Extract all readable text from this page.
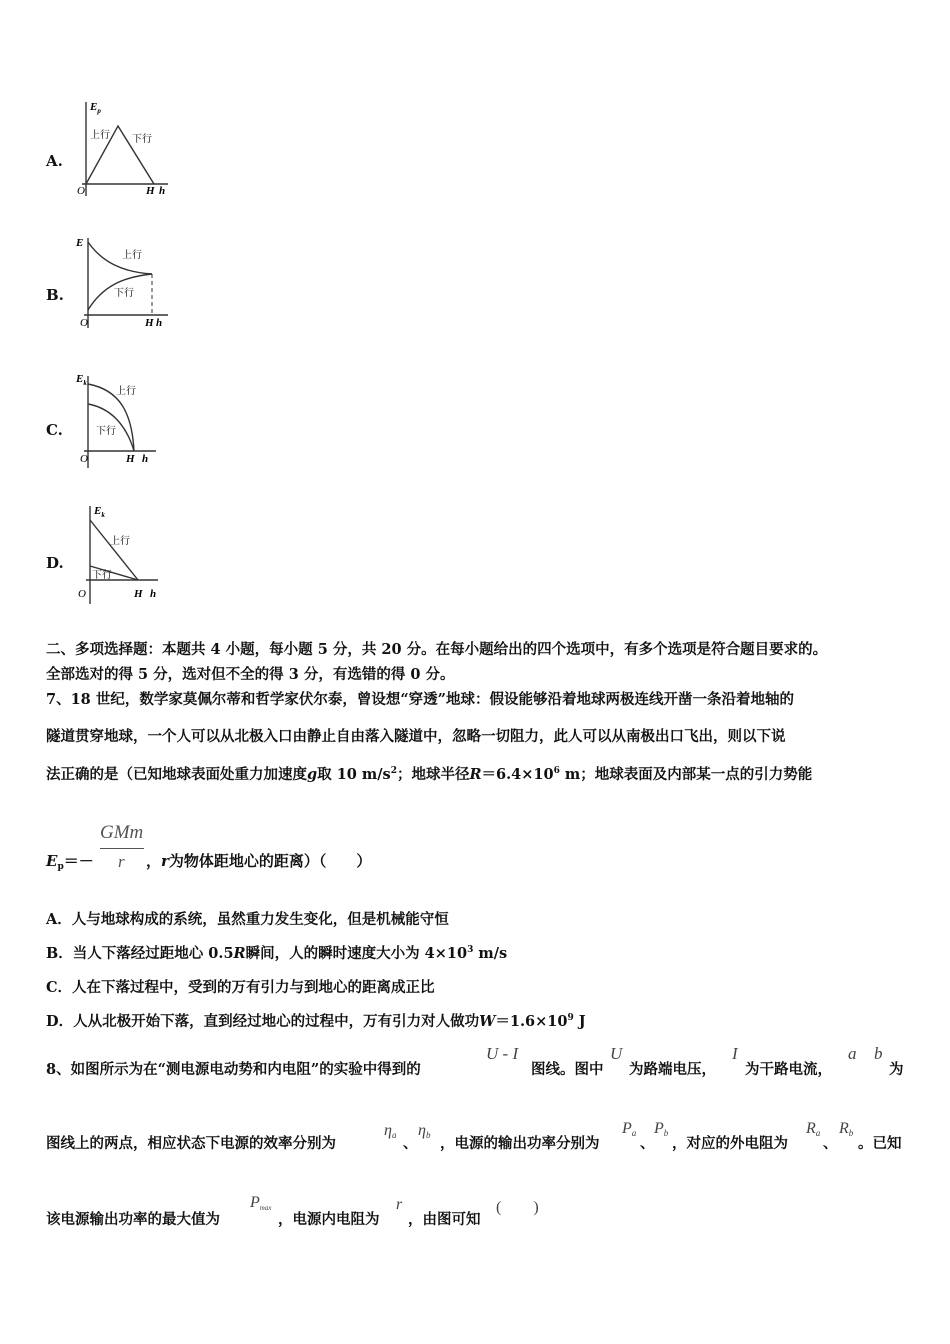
A.
$E_p$
上行 下行
O	H h
B.
E
上行
下行
O	H h
C.
$E_k$
上行
下行
O	H h
D.
$E_k$
上行
下行
O	H h
二、多项选择题：本题共 4 小题，每小题 5 分，共 20 分。在每小题给出的四个选项中，有多个选项是符合题目要求的。
全部选对的得 5 分，选对但不全的得 3 分，有选错的得 0 分。
7、18 世纪，数学家莫佩尔蒂和哲学家伏尔泰，曾设想“穿透”地球：假设能够沿着地球两极连线开凿一条沿着地轴的
隧道贯穿地球，一个人可以从北极入口由静止自由落入隧道中，忽略一切阻力，此人可以从南极出口飞出，则以下说
法正确的是（已知地球表面处重力加速度g取 10 $m/s^2$；地球半径$R=6.4\times 10^6$ m；地球表面及内部某一点的引力势能
GMm
r
$E_p=-$	，r为物体距地心的距离）（　　）
A．人与地球构成的系统，虽然重力发生变化，但是机械能守恒
B．当人下落经过距地心 0.5R瞬间，人的瞬时速度大小为 $4\times 10^3$ m/s
C．人在下落过程中，受到的万有引力与到地心的距离成正比
D．人从北极开始下落，直到经过地心的过程中，万有引力对人做功$W=1.6\times 10^9$ J
8、如图所示为在“测电源电动势和内电阻”的实验中得到的
U - I
图线。图中
U
为路端电压，
I
为干路电流，
a
、
b
为
图线上的两点，相应状态下电源的效率分别为
$\eta_a$ 、
$\eta_b$ ，电源的输出功率分别为
$P_a$
、
$P_b$
，对应的外电阻为
$R_a$
、
$R_b$
。已知
该电源输出功率的最大值为
$P_{max}$
，电源内电阻为
r
，由图可知
(　　)
